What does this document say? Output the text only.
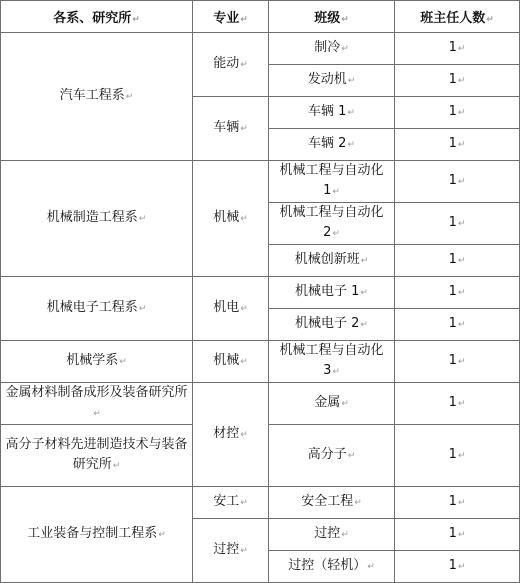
各系、研究所↵	专业↵	班级↵	班主任人数↵
汽车工程系↵	能动↵	制冷↵	1↵
		发动机↵	1↵
	车辆↵	车辆 1↵	1↵
		车辆 2↵	1↵
机械制造工程系↵	机械↵	机械工程与自动化 1↵	1↵
		机械工程与自动化 2↵	1↵
		机械创新班↵	1↵
机械电子工程系↵	机电↵	机械电子 1↵	1↵
		机械电子 2↵	1↵
机械学系↵	机械↵	机械工程与自动化 3↵	1↵
金属材料制备成形及装备研究所↵	材控↵	金属↵	1↵
高分子材料先进制造技术与装备研究所↵		高分子↵	1↵
工业装备与控制工程系↵	安工↵	安全工程↵	1↵
	过控↵	过控↵	1↵
		过控（轻机）↵	1↵
